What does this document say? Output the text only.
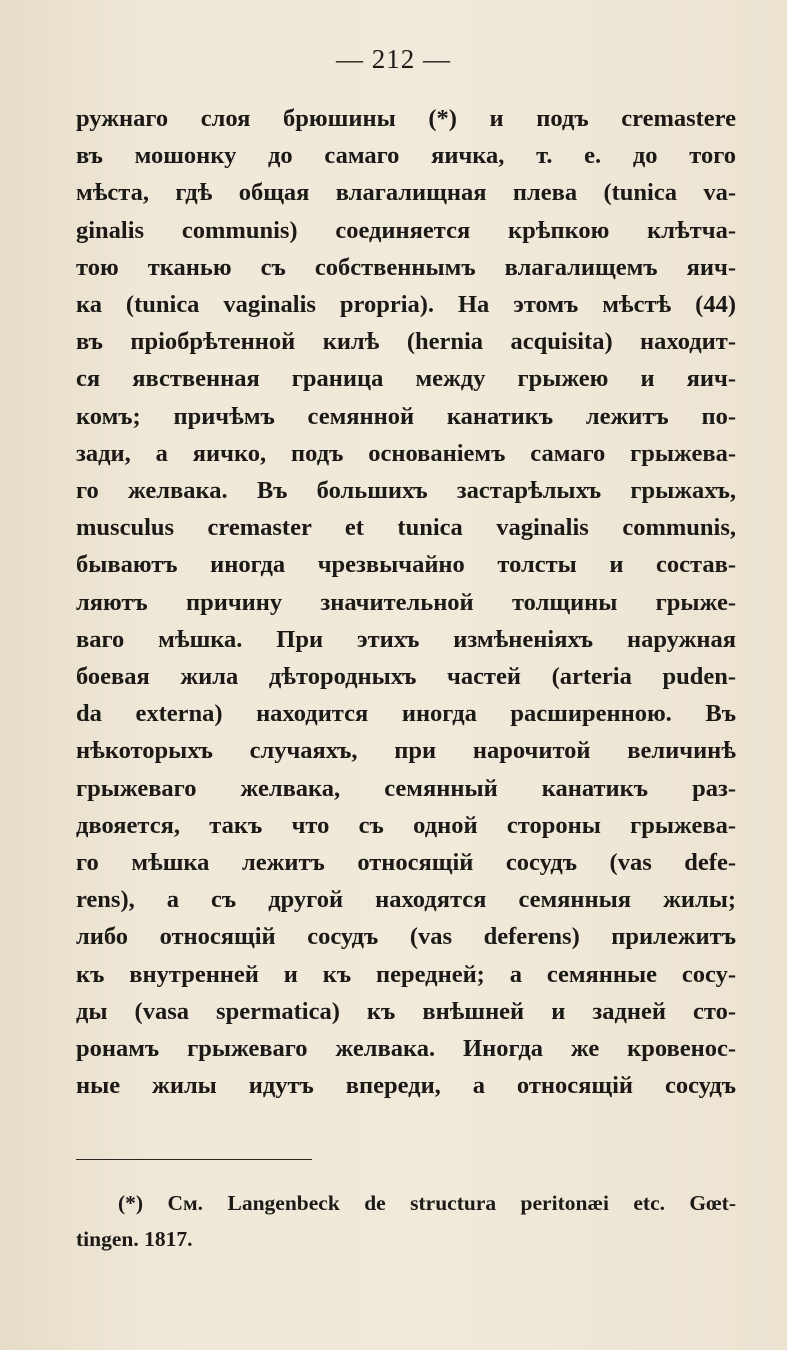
— 212 —
ружнаго слоя брюшины (*) и подъ cremastere
въ мошонку до самаго яичка, т. е. до того
мѣста, гдѣ общая влагалищная плева (tunica va-
ginalis communis) соединяется крѣпкою клѣтча-
тою тканью съ собственнымъ влагалищемъ яич-
ка (tunica vaginalis propria). На этомъ мѣстѣ (44)
въ пріобрѣтенной килѣ (hernia acquisita) находит-
ся явственная граница между грыжею и яич-
комъ; причѣмъ семянной канатикъ лежитъ по-
зади, а яичко, подъ основаніемъ самаго грыжева-
го желвака. Въ большихъ застарѣлыхъ грыжахъ,
musculus cremaster et tunica vaginalis communis,
бываютъ иногда чрезвычайно толсты и состав-
ляютъ причину значительной толщины грыже-
ваго мѣшка. При этихъ измѣненіяхъ наружная
боевая жила дѣтородныхъ частей (arteria puden-
da externa) находится иногда расширенною. Въ
нѣкоторыхъ случаяхъ, при нарочитой величинѣ
грыжеваго желвака, семянный канатикъ раз-
двояется, такъ что съ одной стороны грыжева-
го мѣшка лежитъ относящій сосудъ (vas defe-
rens), а съ другой находятся семянныя жилы;
либо относящій сосудъ (vas deferens) прилежитъ
къ внутренней и къ передней; а семянные сосу-
ды (vasa spermatica) къ внѣшней и задней сто-
ронамъ грыжеваго желвака. Иногда же кровенос-
ные жилы идутъ впереди, а относящій сосудъ
(*) См. Langenbeck de structura peritonæi etc. Gœt-
tingen. 1817.
